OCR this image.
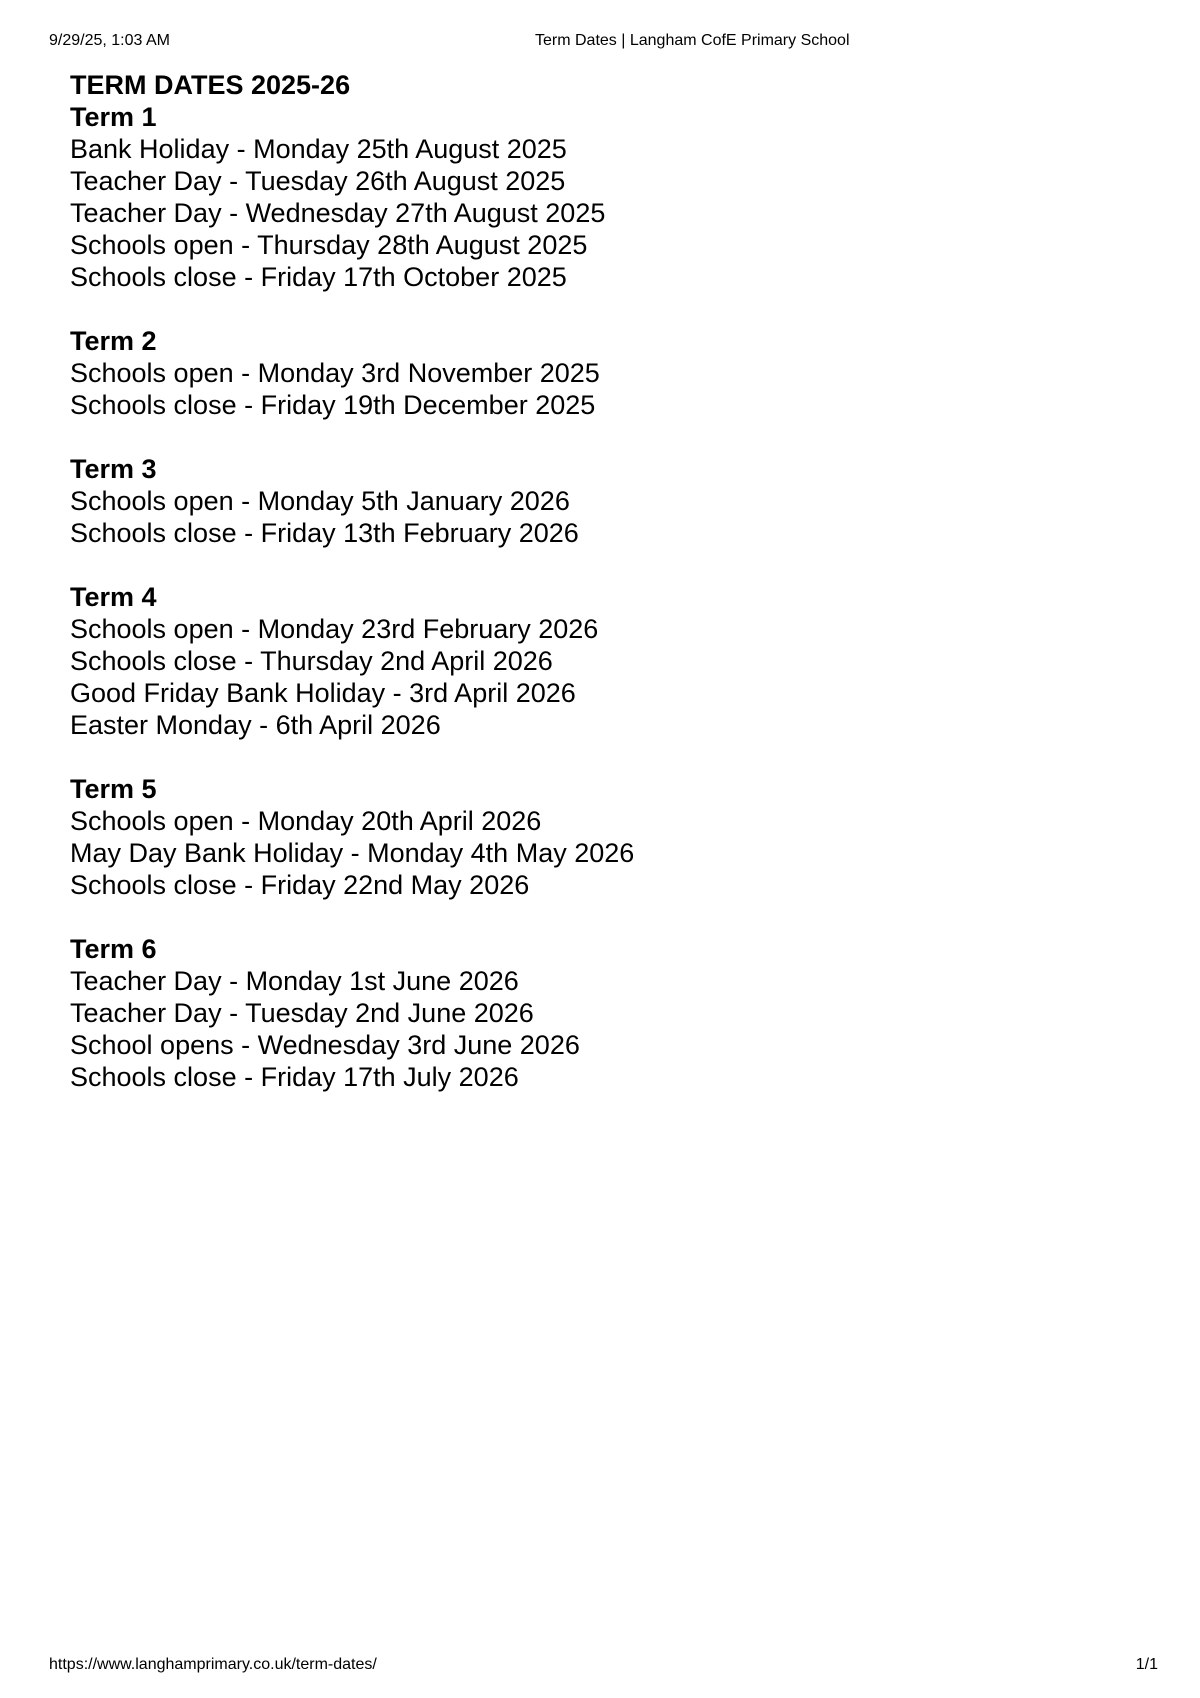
9/29/25, 1:03 AM	Term Dates | Langham CofE Primary School
TERM DATES 2025-26
Term 1
Bank Holiday - Monday 25th August 2025
Teacher Day - Tuesday 26th August 2025
Teacher Day - Wednesday 27th August 2025
Schools open - Thursday 28th August 2025
Schools close - Friday 17th October 2025
Term 2
Schools open - Monday 3rd November 2025
Schools close - Friday 19th December 2025
Term 3
Schools open - Monday 5th January 2026
Schools close - Friday 13th February 2026
Term 4
Schools open - Monday 23rd February 2026
Schools close - Thursday 2nd April 2026
Good Friday Bank Holiday - 3rd April 2026
Easter Monday - 6th April 2026
Term 5
Schools open - Monday 20th April 2026
May Day Bank Holiday - Monday 4th May 2026
Schools close - Friday 22nd May 2026
Term 6
Teacher Day - Monday 1st June 2026
Teacher Day - Tuesday 2nd June 2026
School opens - Wednesday 3rd June 2026
Schools close - Friday 17th July 2026
https://www.langhamprimary.co.uk/term-dates/	1/1
